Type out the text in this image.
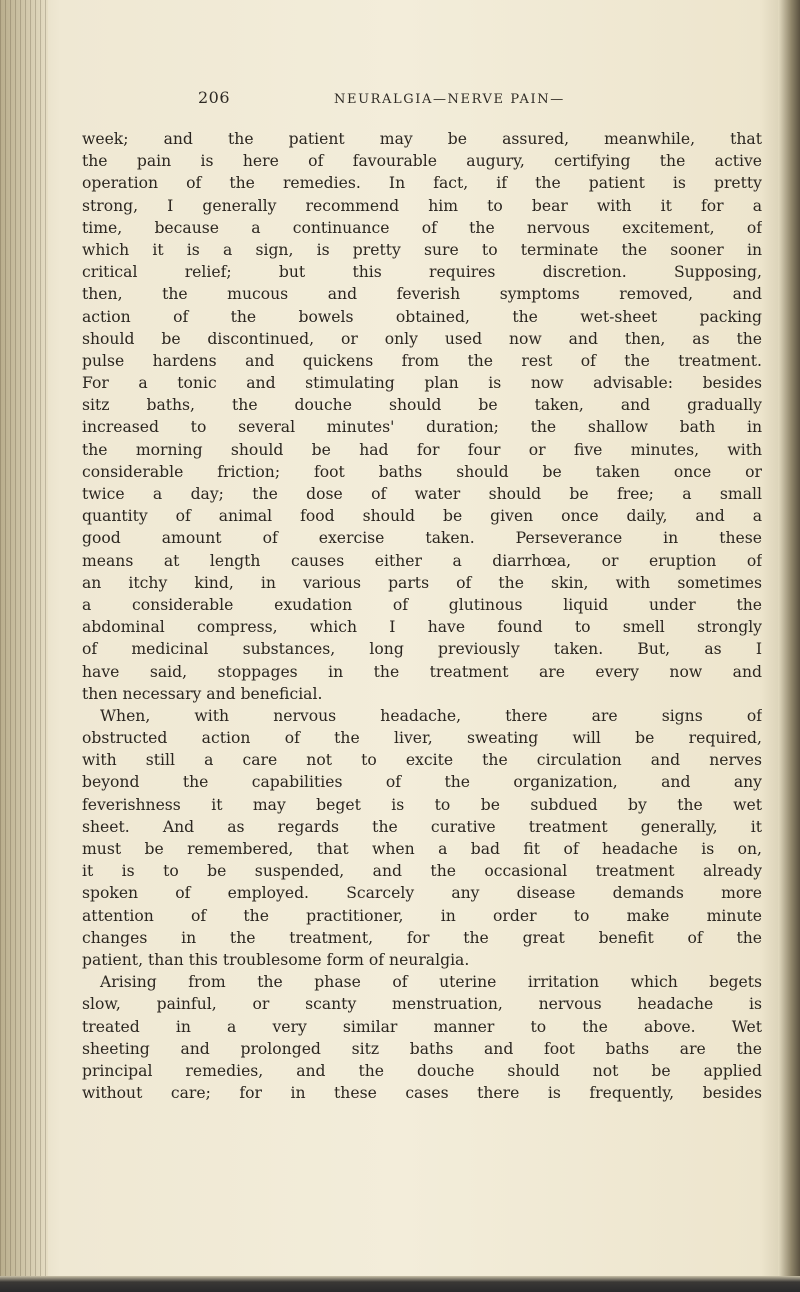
206	NEURALGIA—NERVE PAIN—
week; and the patient may be assured, meanwhile, that
the pain is here of favourable augury, certifying the active
operation of the remedies. In fact, if the patient is pretty
strong, I generally recommend him to bear with it for a
time, because a continuance of the nervous excitement, of
which it is a sign, is pretty sure to terminate the sooner in
critical relief; but this requires discretion. Supposing,
then, the mucous and feverish symptoms removed, and
action of the bowels obtained, the wet-sheet packing
should be discontinued, or only used now and then, as the
pulse hardens and quickens from the rest of the treatment.
For a tonic and stimulating plan is now advisable: besides
sitz baths, the douche should be taken, and gradually
increased to several minutes' duration; the shallow bath in
the morning should be had for four or five minutes, with
considerable friction; foot baths should be taken once or
twice a day; the dose of water should be free; a small
quantity of animal food should be given once daily, and a
good amount of exercise taken. Perseverance in these
means at length causes either a diarrhœa, or eruption of
an itchy kind, in various parts of the skin, with sometimes
a considerable exudation of glutinous liquid under the
abdominal compress, which I have found to smell strongly
of medicinal substances, long previously taken. But, as I
have said, stoppages in the treatment are every now and
then necessary and beneficial.
When, with nervous headache, there are signs of
obstructed action of the liver, sweating will be required,
with still a care not to excite the circulation and nerves
beyond the capabilities of the organization, and any
feverishness it may beget is to be subdued by the wet
sheet. And as regards the curative treatment generally, it
must be remembered, that when a bad fit of headache is on,
it is to be suspended, and the occasional treatment already
spoken of employed. Scarcely any disease demands more
attention of the practitioner, in order to make minute
changes in the treatment, for the great benefit of the
patient, than this troublesome form of neuralgia.
Arising from the phase of uterine irritation which begets
slow, painful, or scanty menstruation, nervous headache is
treated in a very similar manner to the above. Wet
sheeting and prolonged sitz baths and foot baths are the
principal remedies, and the douche should not be applied
without care; for in these cases there is frequently, besides
